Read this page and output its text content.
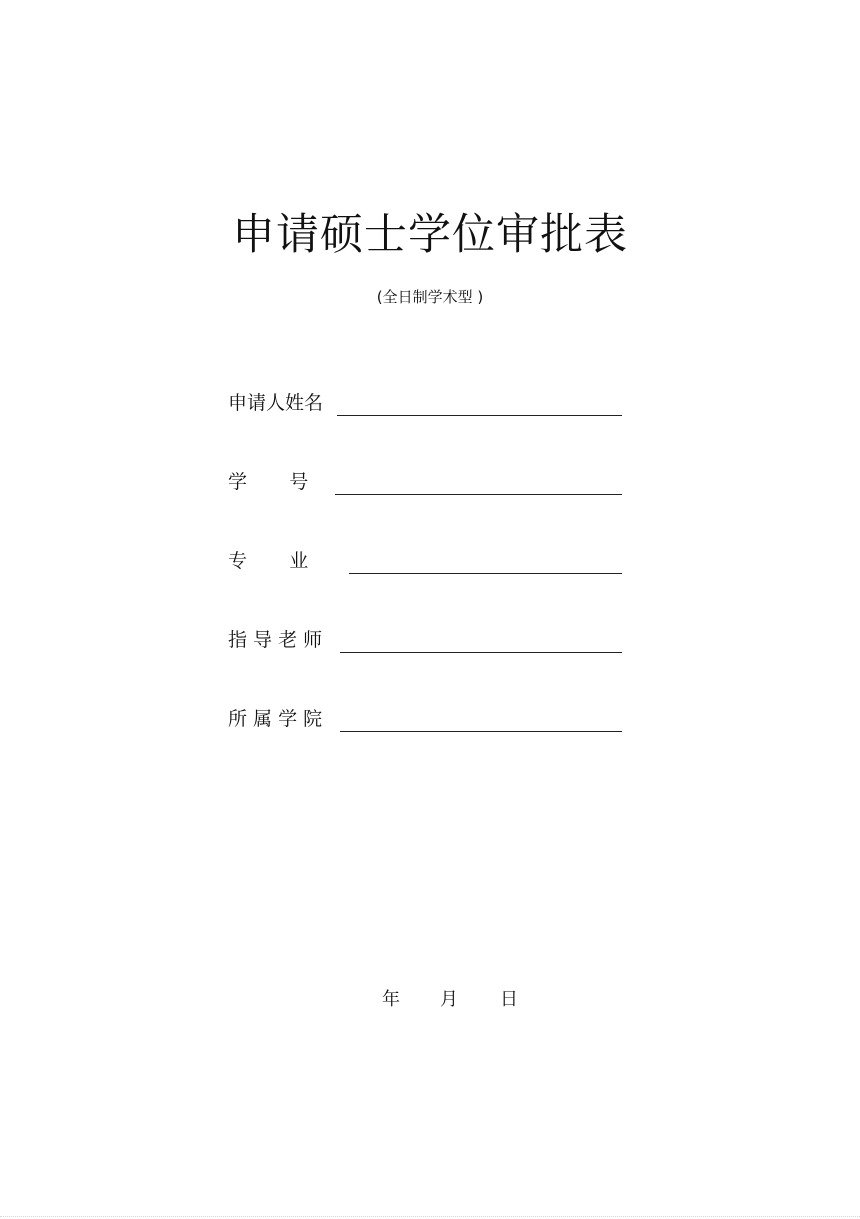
申请硕士学位审批表
(全日制学术型 )
申请人姓名
学       号
专       业
指 导 老 师
所 属 学 院
年 月 日
